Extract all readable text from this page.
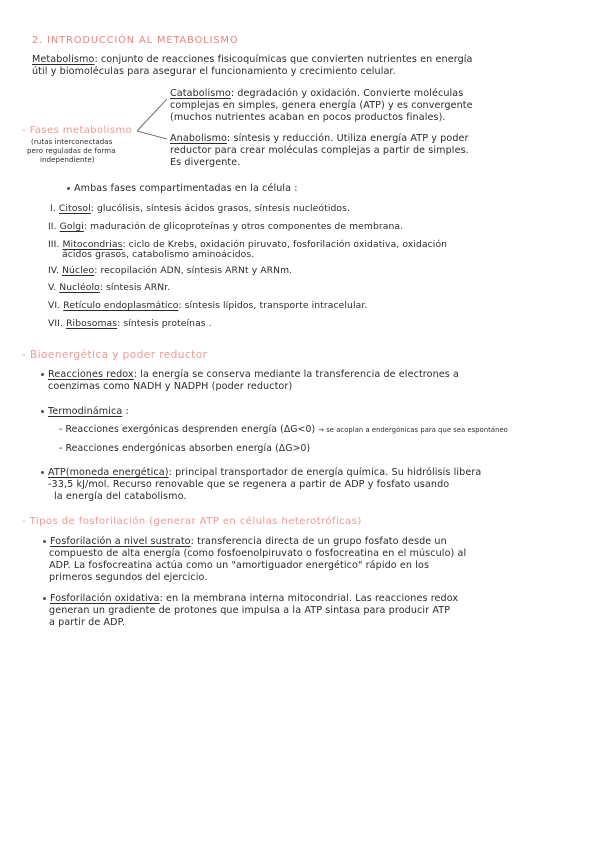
2. INTRODUCCIÓN AL METABOLISMO
Metabolismo: conjunto de reacciones fisicoquímicas que convierten nutrientes en energía
útil y biomoléculas para asegurar el funcionamiento y crecimiento celular.
- Fases metabolismo
(rutas interconectadas
pero reguladas de forma
independiente)
Catabolismo: degradación y oxidación. Convierte moléculas
complejas en simples, genera energía (ATP) y es convergente
(muchos nutrientes acaban en pocos productos finales).
Anabolismo: síntesis y reducción. Utiliza energía ATP y poder
reductor para crear moléculas complejas a partir de simples.
Es divergente.
Ambas fases compartimentadas en la célula :
I. Citosol: glucólisis, síntesis ácidos grasos, síntesis nucleótidos.
II. Golgi: maduración de glicoproteínas y otros componentes de membrana.
III. Mitocondrias: ciclo de Krebs, oxidación piruvato, fosforilación oxidativa, oxidación
ácidos grasos, catabolismo aminoácidos.
IV. Núcleo: recopilación ADN, síntesis ARNt y ARNm.
V. Nucléolo: síntesis ARNr.
VI. Retículo endoplasmático: síntesis lípidos, transporte intracelular.
VII. Ribosomas: síntesis proteínas .
- Bioenergética y poder reductor
Reacciones redox: la energía se conserva mediante la transferencia de electrones a
coenzimas como NADH y NADPH (poder reductor)
Termodinámica :
- Reacciones exergónicas desprenden energía (ΔG<0) → se acoplan a endergónicas para que sea espontáneo
- Reacciones endergónicas absorben energía (ΔG>0)
ATP(moneda energética): principal transportador de energía química. Su hidrólisis libera
-33,5 kJ/mol. Recurso renovable que se regenera a partir de ADP y fosfato usando
la energía del catabolismo.
- Tipos de fosforilación (generar ATP en células heterotróficas)
Fosforilación a nivel sustrato: transferencia directa de un grupo fosfato desde un
compuesto de alta energía (como fosfoenolpiruvato o fosfocreatina en el músculo) al
ADP. La fosfocreatina actúa como un "amortiguador energético" rápido en los
primeros segundos del ejercicio.
Fosforilación oxidativa: en la membrana interna mitocondrial. Las reacciones redox
generan un gradiente de protones que impulsa a la ATP sintasa para producir ATP
a partir de ADP.
